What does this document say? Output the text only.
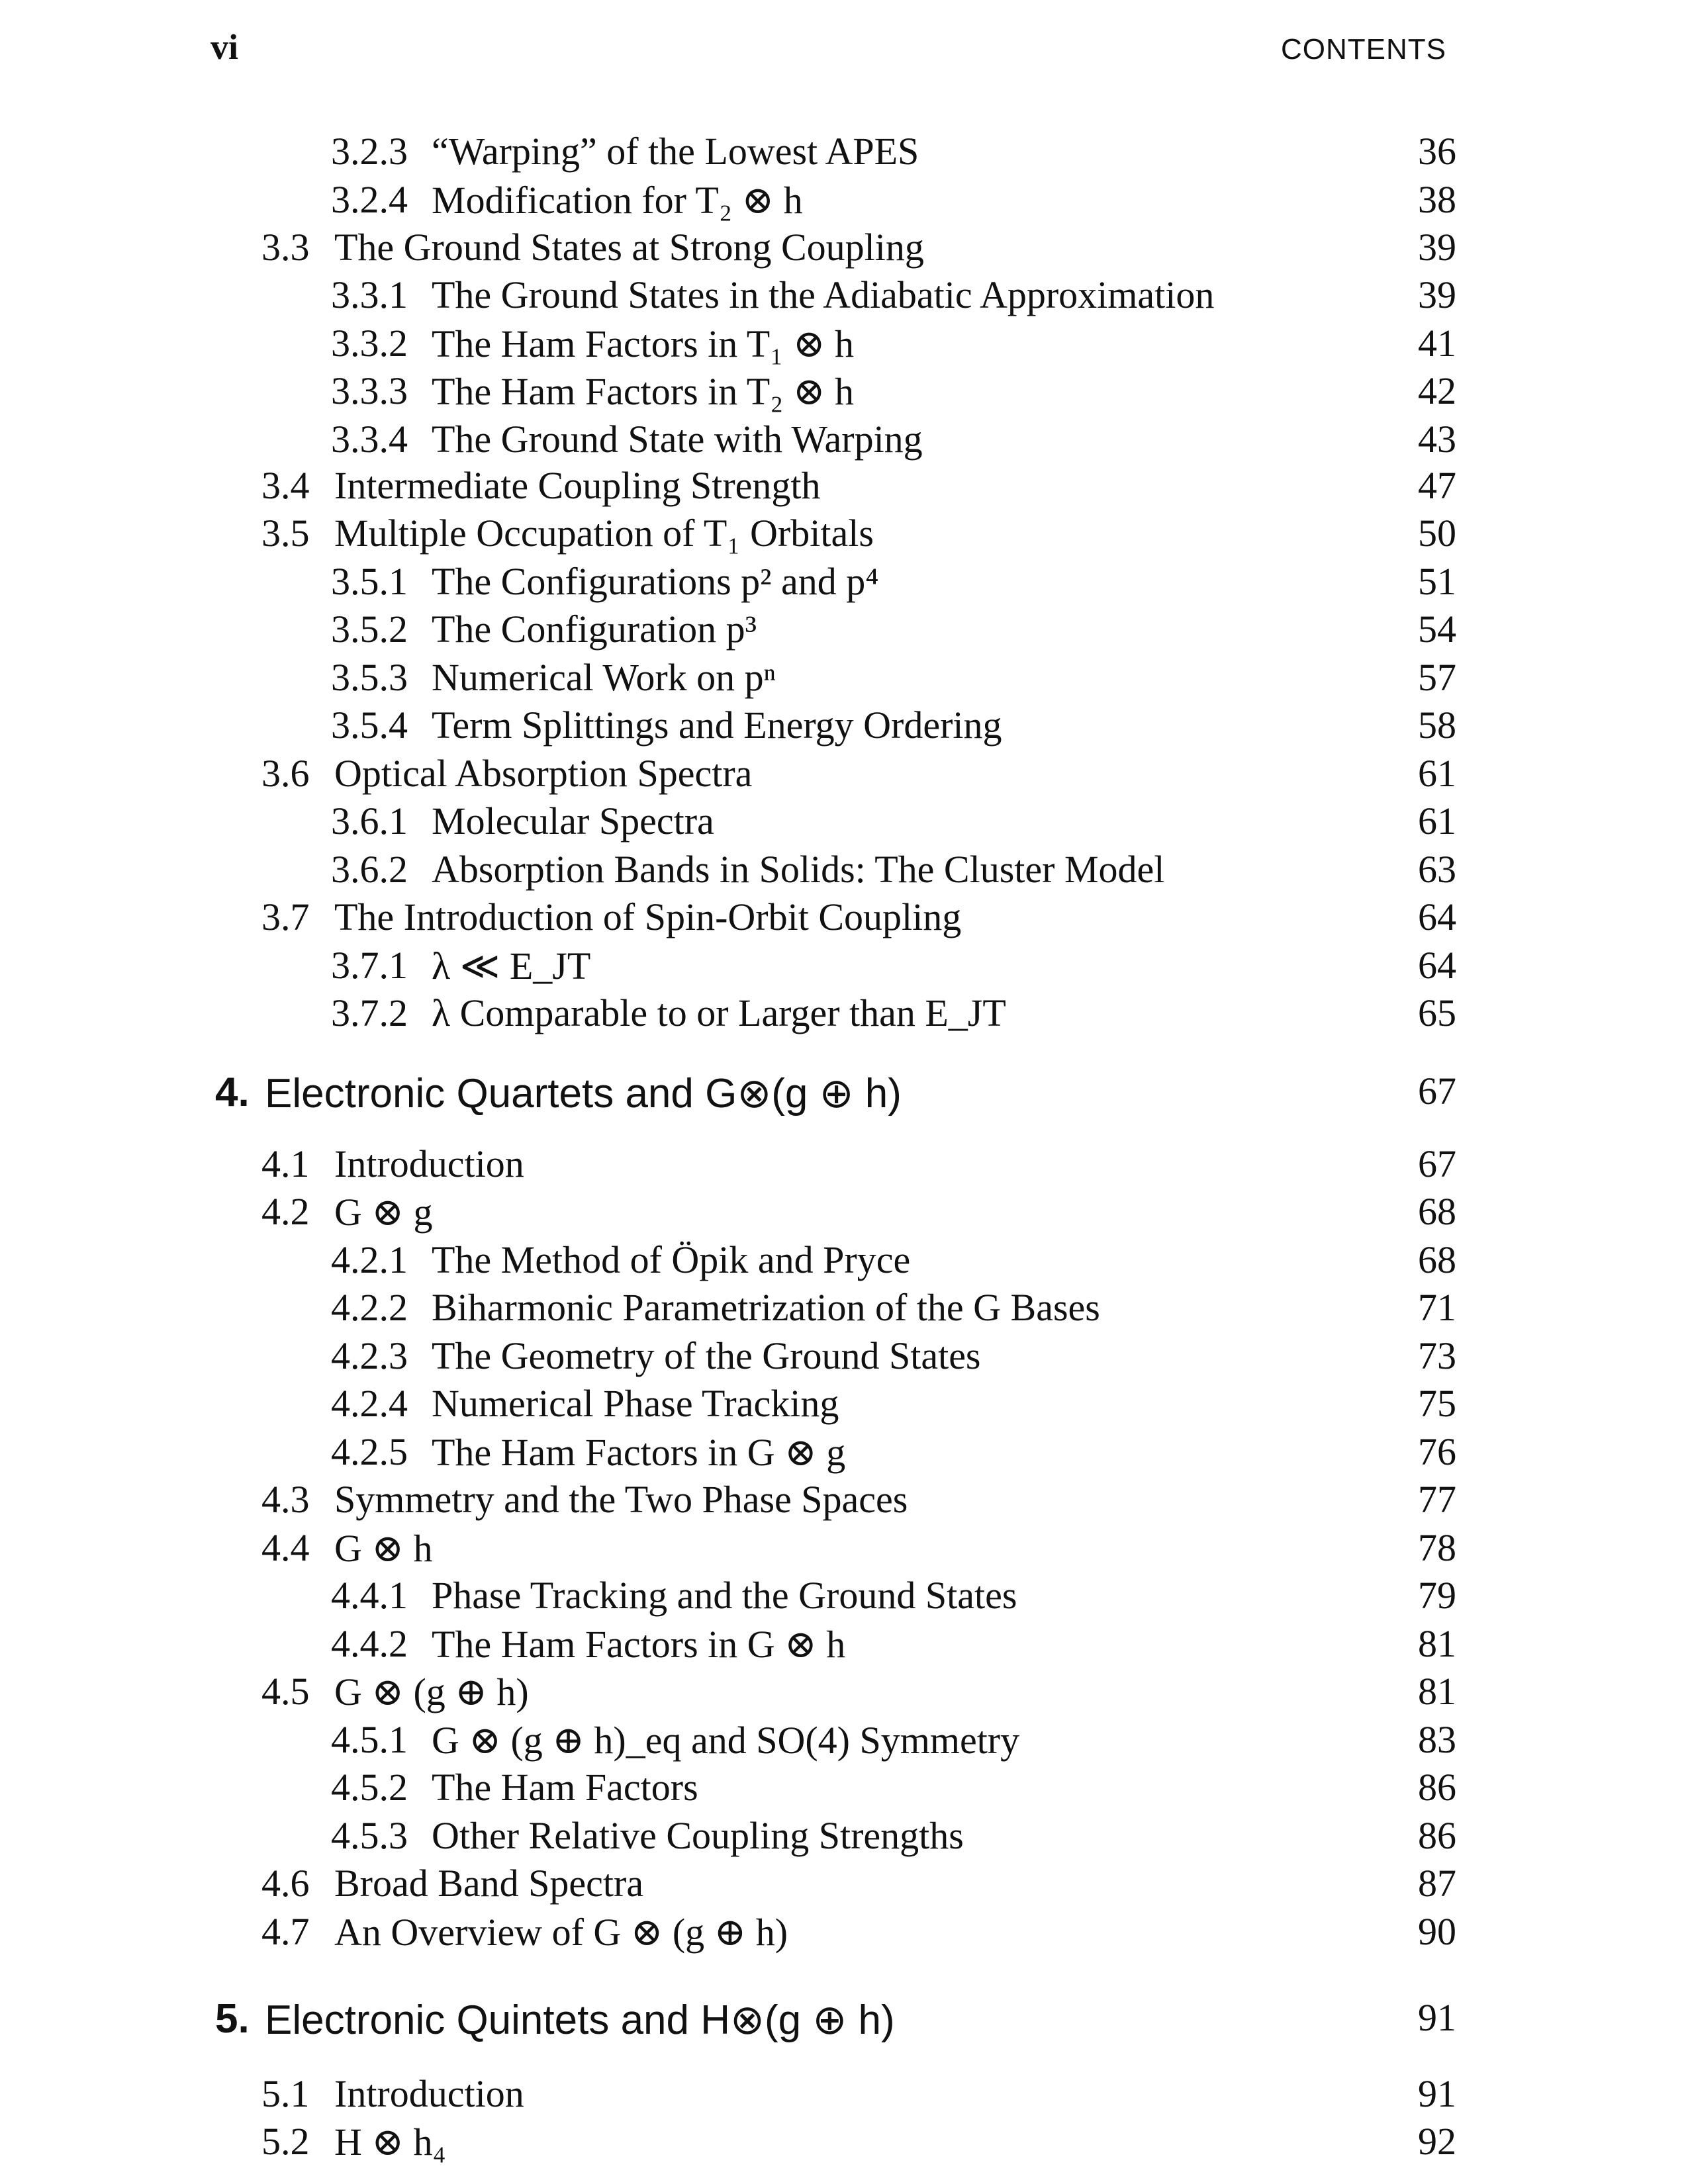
vi	CONTENTS
3.2.3 “Warping” of the Lowest APES	36
3.2.4 Modification for T₂ ⊗ h	38
3.3 The Ground States at Strong Coupling	39
3.3.1 The Ground States in the Adiabatic Approximation	39
3.3.2 The Ham Factors in T₁ ⊗ h	41
3.3.3 The Ham Factors in T₂ ⊗ h	42
3.3.4 The Ground State with Warping	43
3.4 Intermediate Coupling Strength	47
3.5 Multiple Occupation of T₁ Orbitals	50
3.5.1 The Configurations p² and p⁴	51
3.5.2 The Configuration p³	54
3.5.3 Numerical Work on pⁿ	57
3.5.4 Term Splittings and Energy Ordering	58
3.6 Optical Absorption Spectra	61
3.6.1 Molecular Spectra	61
3.6.2 Absorption Bands in Solids: The Cluster Model	63
3.7 The Introduction of Spin-Orbit Coupling	64
3.7.1 λ ≪ E_JT	64
3.7.2 λ Comparable to or Larger than E_JT	65
4. Electronic Quartets and G⊗(g ⊕ h)	67
4.1 Introduction	67
4.2 G ⊗ g	68
4.2.1 The Method of Öpik and Pryce	68
4.2.2 Biharmonic Parametrization of the G Bases	71
4.2.3 The Geometry of the Ground States	73
4.2.4 Numerical Phase Tracking	75
4.2.5 The Ham Factors in G ⊗ g	76
4.3 Symmetry and the Two Phase Spaces	77
4.4 G ⊗ h	78
4.4.1 Phase Tracking and the Ground States	79
4.4.2 The Ham Factors in G ⊗ h	81
4.5 G ⊗ (g ⊕ h)	81
4.5.1 G ⊗ (g ⊕ h)_eq and SO(4) Symmetry	83
4.5.2 The Ham Factors	86
4.5.3 Other Relative Coupling Strengths	86
4.6 Broad Band Spectra	87
4.7 An Overview of G ⊗ (g ⊕ h)	90
5. Electronic Quintets and H⊗(g ⊕ h)	91
5.1 Introduction	91
5.2 H ⊗ h₄	92
